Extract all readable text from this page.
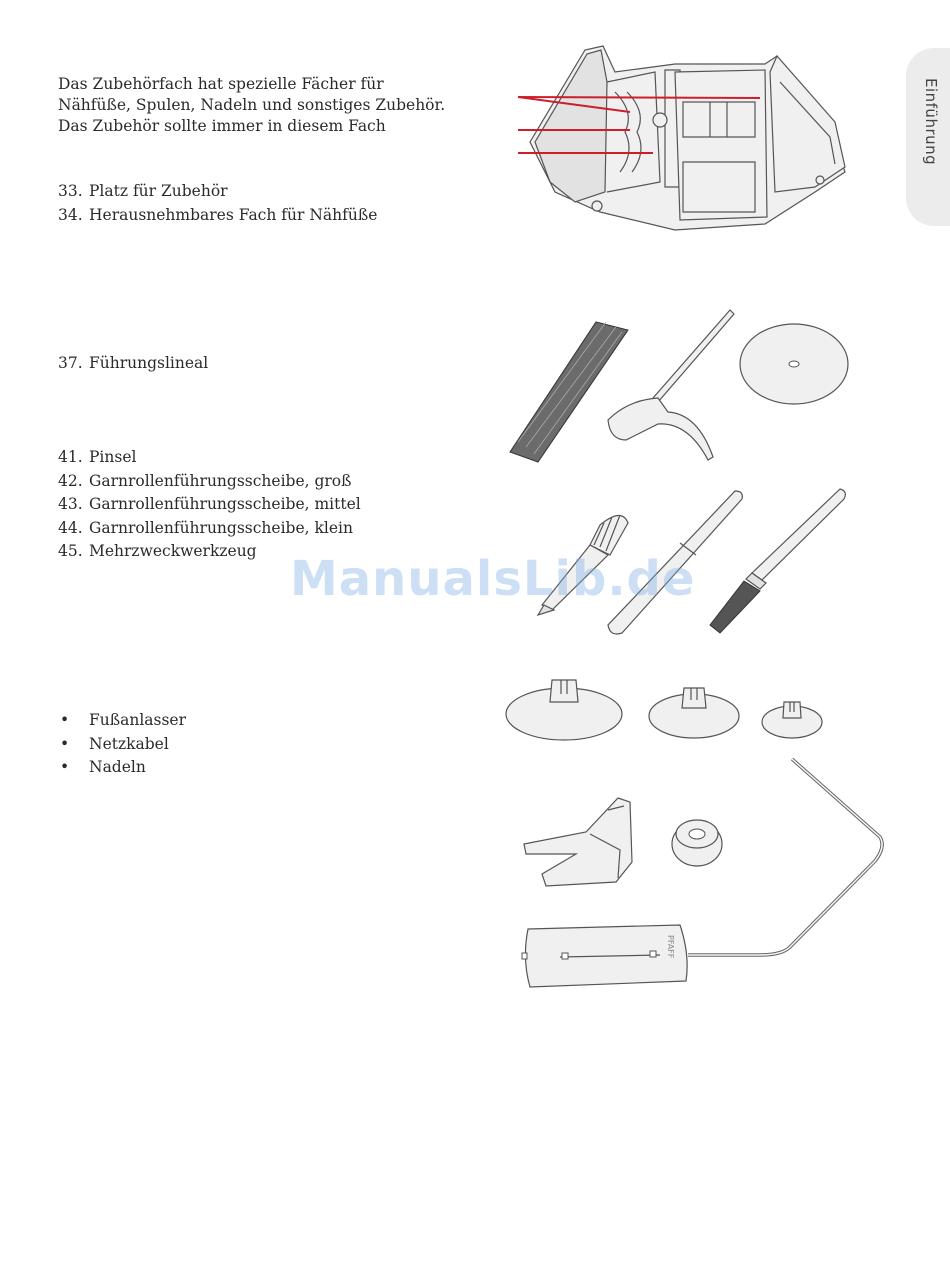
Das Zubehörfach hat spezielle Fächer für
Nähfüße, Spulen, Nadeln und sonstiges Zubehör.
Das Zubehör sollte immer in diesem Fach
33. Platz für Zubehör
34. Herausnehmbares Fach für Nähfüße
37. Führungslineal
41. Pinsel
42. Garnrollenführungsscheibe, groß
43. Garnrollenführungsscheibe, mittel
44. Garnrollenführungsscheibe, klein
45. Mehrzweckwerkzeug
• Fußanlasser
• Netzkabel
• Nadeln
Einführung
PFAFF
ManualsLib.de
